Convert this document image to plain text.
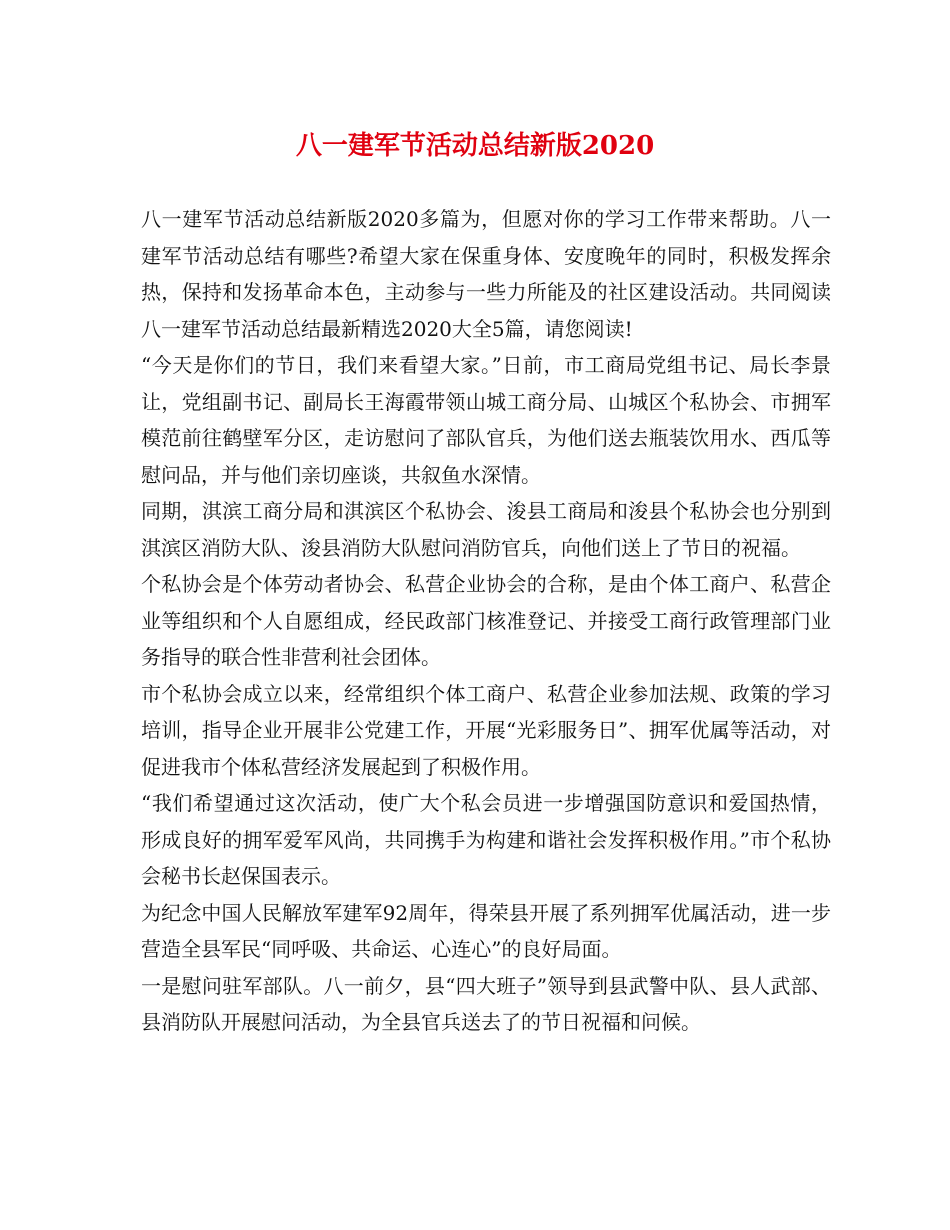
八一建军节活动总结新版2020

八一建军节活动总结新版2020多篇为，但愿对你的学习工作带来帮助。八一建军节活动总结有哪些?希望大家在保重身体、安度晚年的同时，积极发挥余热，保持和发扬革命本色，主动参与一些力所能及的社区建设活动。共同阅读八一建军节活动总结最新精选2020大全5篇，请您阅读!

“今天是你们的节日，我们来看望大家。”日前，市工商局党组书记、局长李景让，党组副书记、副局长王海霞带领山城工商分局、山城区个私协会、市拥军模范前往鹤壁军分区，走访慰问了部队官兵，为他们送去瓶装饮用水、西瓜等慰问品，并与他们亲切座谈，共叙鱼水深情。

同期，淇滨工商分局和淇滨区个私协会、浚县工商局和浚县个私协会也分别到淇滨区消防大队、浚县消防大队慰问消防官兵，向他们送上了节日的祝福。

个私协会是个体劳动者协会、私营企业协会的合称，是由个体工商户、私营企业等组织和个人自愿组成，经民政部门核准登记、并接受工商行政管理部门业务指导的联合性非营利社会团体。

市个私协会成立以来，经常组织个体工商户、私营企业参加法规、政策的学习培训，指导企业开展非公党建工作，开展“光彩服务日”、拥军优属等活动，对促进我市个体私营经济发展起到了积极作用。

“我们希望通过这次活动，使广大个私会员进一步增强国防意识和爱国热情，形成良好的拥军爱军风尚，共同携手为构建和谐社会发挥积极作用。”市个私协会秘书长赵保国表示。

为纪念中国人民解放军建军92周年，得荣县开展了系列拥军优属活动，进一步营造全县军民“同呼吸、共命运、心连心”的良好局面。

一是慰问驻军部队。八一前夕，县“四大班子”领导到县武警中队、县人武部、县消防队开展慰问活动，为全县官兵送去了的节日祝福和问候。
